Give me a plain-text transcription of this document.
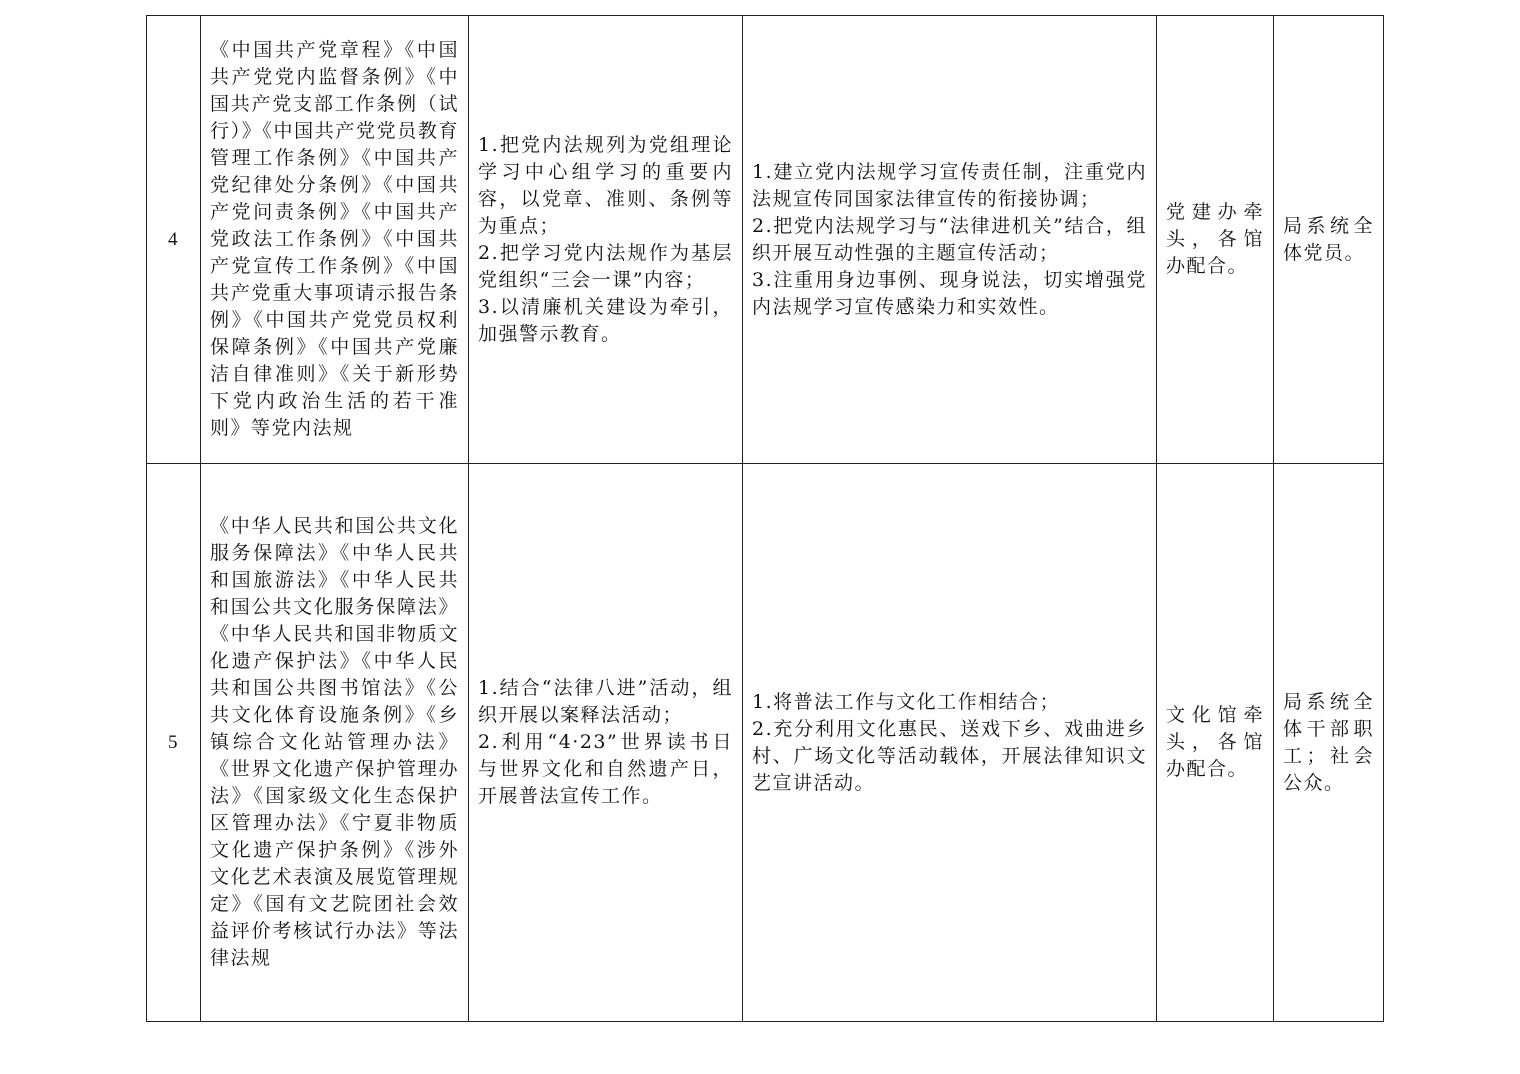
4	《中国共产党章程》《中国共产党党内监督条例》《中国共产党支部工作条例（试行）》《中国共产党党员教育管理工作条例》《中国共产党纪律处分条例》《中国共产党问责条例》《中国共产党政法工作条例》《中国共产党宣传工作条例》《中国共产党重大事项请示报告条例》《中国共产党党员权利保障条例》《中国共产党廉洁自律准则》《关于新形势下党内政治生活的若干准则》等党内法规	1.把党内法规列为党组理论学习中心组学习的重要内容，以党章、准则、条例等为重点；
2.把学习党内法规作为基层党组织“三会一课”内容；
3.以清廉机关建设为牵引，加强警示教育。	1.建立党内法规学习宣传责任制，注重党内法规宣传同国家法律宣传的衔接协调；
2.把党内法规学习与“法律进机关”结合，组织开展互动性强的主题宣传活动；
3.注重用身边事例、现身说法，切实增强党内法规学习宣传感染力和实效性。	党建办牵头，各馆办配合。	局系统全体党员。
5	《中华人民共和国公共文化服务保障法》《中华人民共和国旅游法》《中华人民共和国公共文化服务保障法》《中华人民共和国非物质文化遗产保护法》《中华人民共和国公共图书馆法》《公共文化体育设施条例》《乡镇综合文化站管理办法》《世界文化遗产保护管理办法》《国家级文化生态保护区管理办法》《宁夏非物质文化遗产保护条例》《涉外文化艺术表演及展览管理规定》《国有文艺院团社会效益评价考核试行办法》等法律法规	1.结合“法律八进”活动，组织开展以案释法活动；
2.利用“4·23”世界读书日与世界文化和自然遗产日，开展普法宣传工作。	1.将普法工作与文化工作相结合；
2.充分利用文化惠民、送戏下乡、戏曲进乡村、广场文化等活动载体，开展法律知识文艺宣讲活动。	文化馆牵头，各馆办配合。	局系统全体干部职工；社会公众。
